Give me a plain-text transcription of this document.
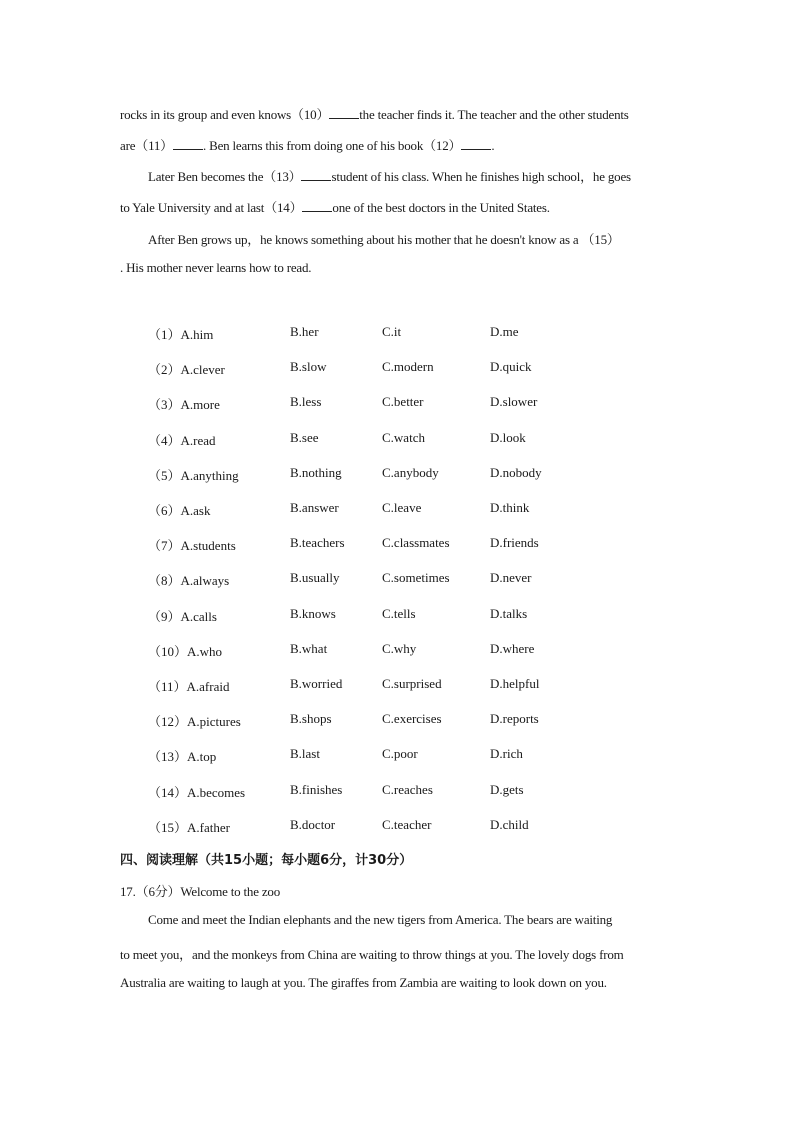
rocks in its group and even knows（10） the teacher finds it. The teacher and the other students
are（11） . Ben learns this from doing one of his book（12） .
Later Ben becomes the（13） student of his class. When he finishes high school，he goes
to Yale University and at last（14） one of the best doctors in the United States.
After Ben grows up，he knows something about his mother that he doesn't know as a （15）
. His mother never learns how to read.
（1）A.him	B.her	C.it	D.me
（2）A.clever	B.slow	C.modern	D.quick
（3）A.more	B.less	C.better	D.slower
（4）A.read	B.see	C.watch	D.look
（5）A.anything	B.nothing	C.anybody	D.nobody
（6）A.ask	B.answer	C.leave	D.think
（7）A.students	B.teachers	C.classmates	D.friends
（8）A.always	B.usually	C.sometimes	D.never
（9）A.calls	B.knows	C.tells	D.talks
（10）A.who	B.what	C.why	D.where
（11）A.afraid	B.worried	C.surprised	D.helpful
（12）A.pictures	B.shops	C.exercises	D.reports
（13）A.top	B.last	C.poor	D.rich
（14）A.becomes	B.finishes	C.reaches	D.gets
（15）A.father	B.doctor	C.teacher	D.child
四、阅读理解（共15小题；每小题6分，计30分）
17.（6分）Welcome to the zoo
Come and meet the Indian elephants and the new tigers from America. The bears are waiting
to meet you，and the monkeys from China are waiting to throw things at you. The lovely dogs from
Australia are waiting to laugh at you. The giraffes from Zambia are waiting to look down on you.
